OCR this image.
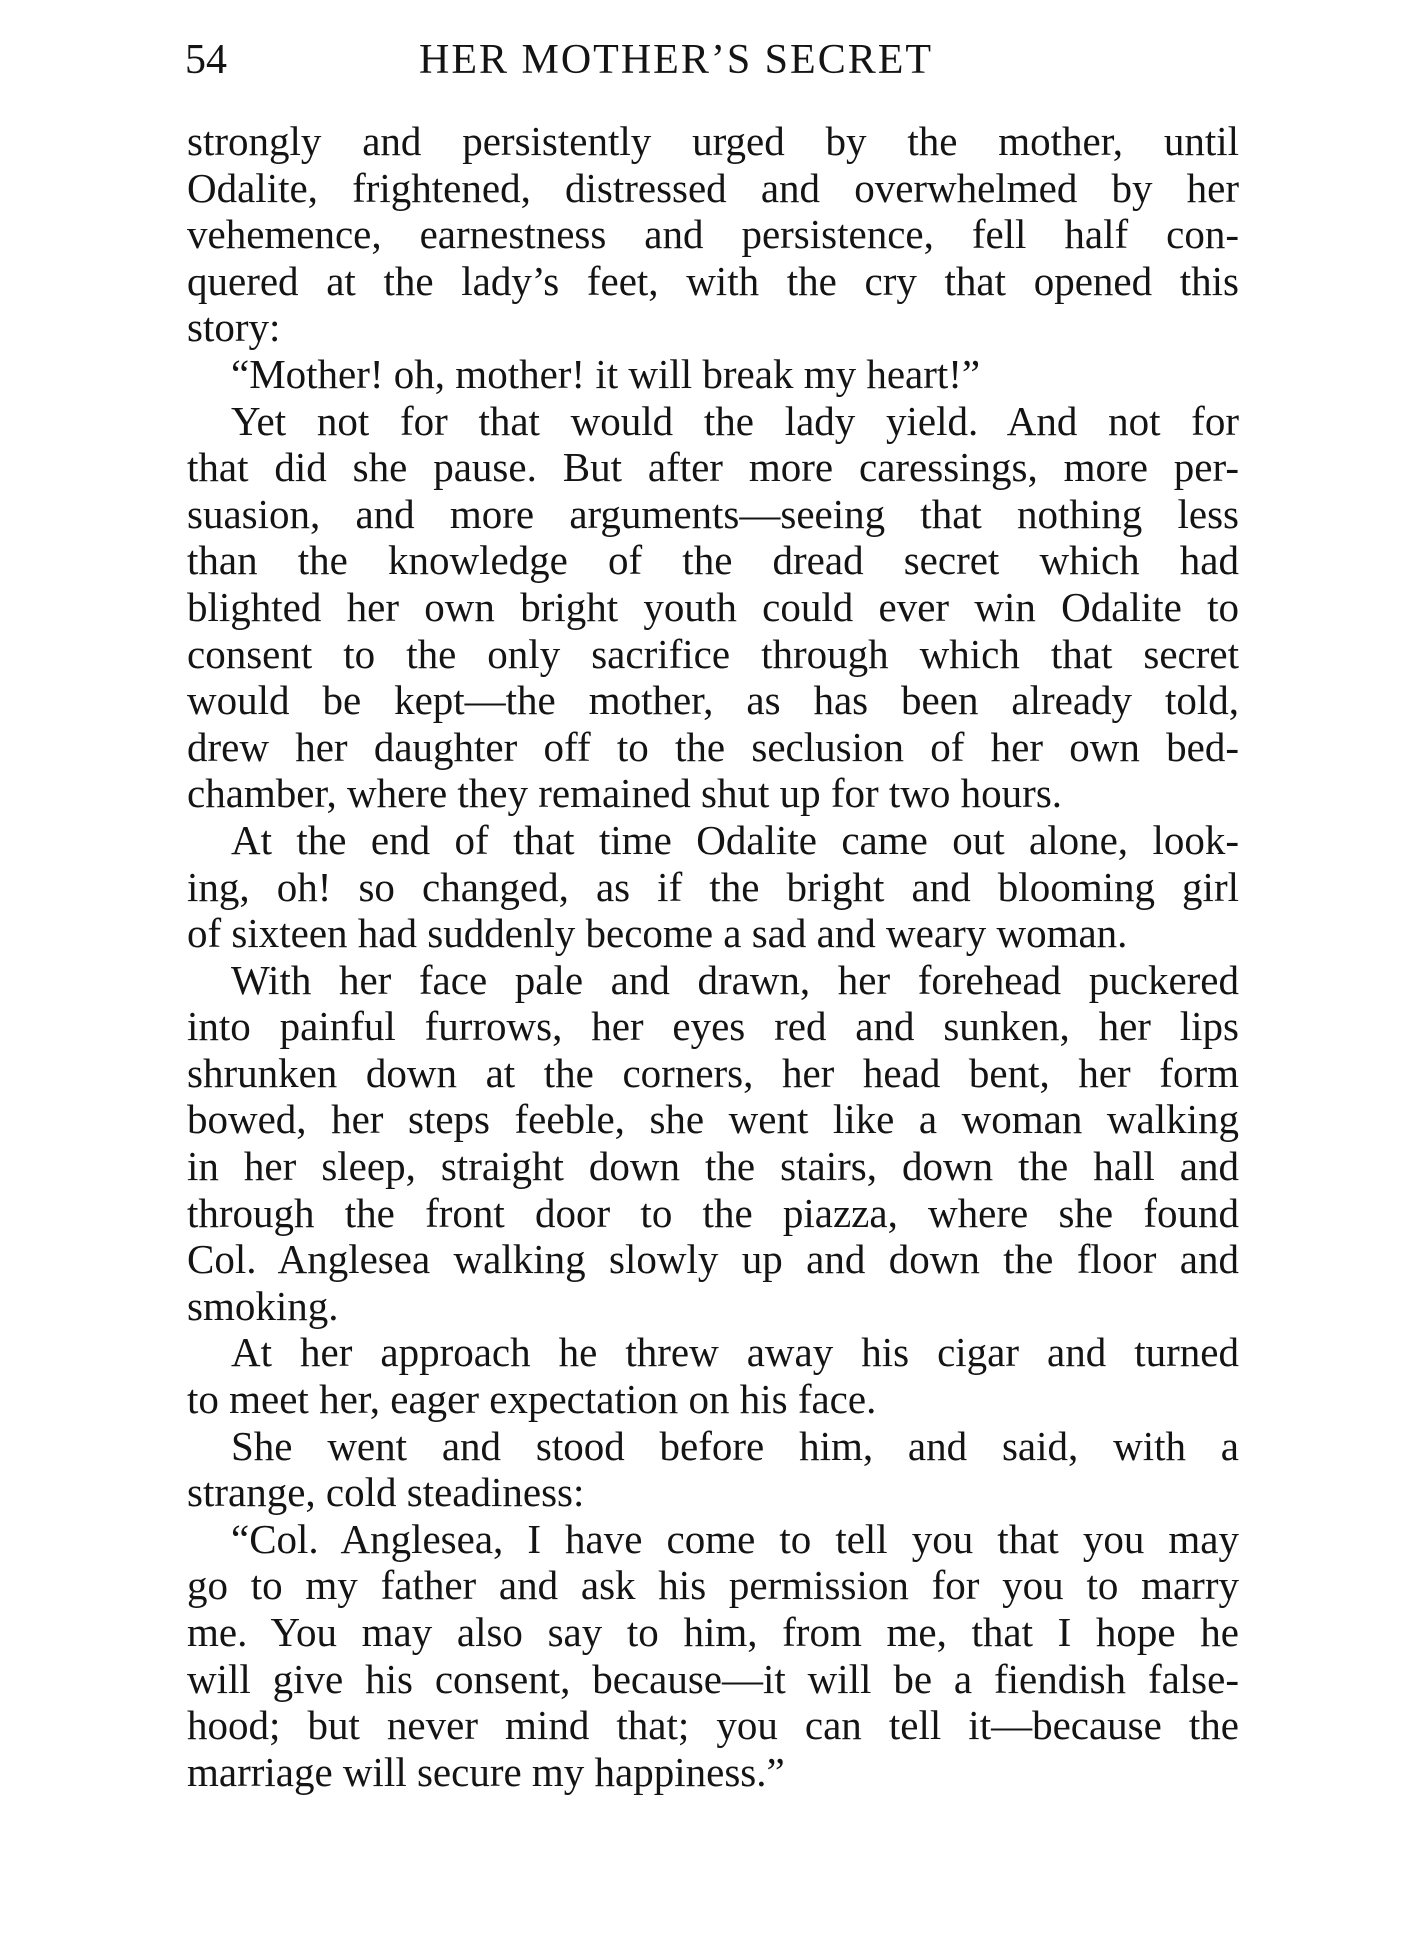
54	HER MOTHER’S SECRET
strongly and persistently urged by the mother, until
Odalite, frightened, distressed and overwhelmed by her
vehemence, earnestness and persistence, fell half con-
quered at the lady’s feet, with the cry that opened this
story:
“Mother! oh, mother! it will break my heart!”
Yet not for that would the lady yield. And not for
that did she pause. But after more caressings, more per-
suasion, and more arguments—seeing that nothing less
than the knowledge of the dread secret which had
blighted her own bright youth could ever win Odalite to
consent to the only sacrifice through which that secret
would be kept—the mother, as has been already told,
drew her daughter off to the seclusion of her own bed-
chamber, where they remained shut up for two hours.
At the end of that time Odalite came out alone, look-
ing, oh! so changed, as if the bright and blooming girl
of sixteen had suddenly become a sad and weary woman.
With her face pale and drawn, her forehead puckered
into painful furrows, her eyes red and sunken, her lips
shrunken down at the corners, her head bent, her form
bowed, her steps feeble, she went like a woman walking
in her sleep, straight down the stairs, down the hall and
through the front door to the piazza, where she found
Col. Anglesea walking slowly up and down the floor and
smoking.
At her approach he threw away his cigar and turned
to meet her, eager expectation on his face.
She went and stood before him, and said, with a
strange, cold steadiness:
“Col. Anglesea, I have come to tell you that you may
go to my father and ask his permission for you to marry
me. You may also say to him, from me, that I hope he
will give his consent, because—it will be a fiendish false-
hood; but never mind that; you can tell it—because the
marriage will secure my happiness.”
